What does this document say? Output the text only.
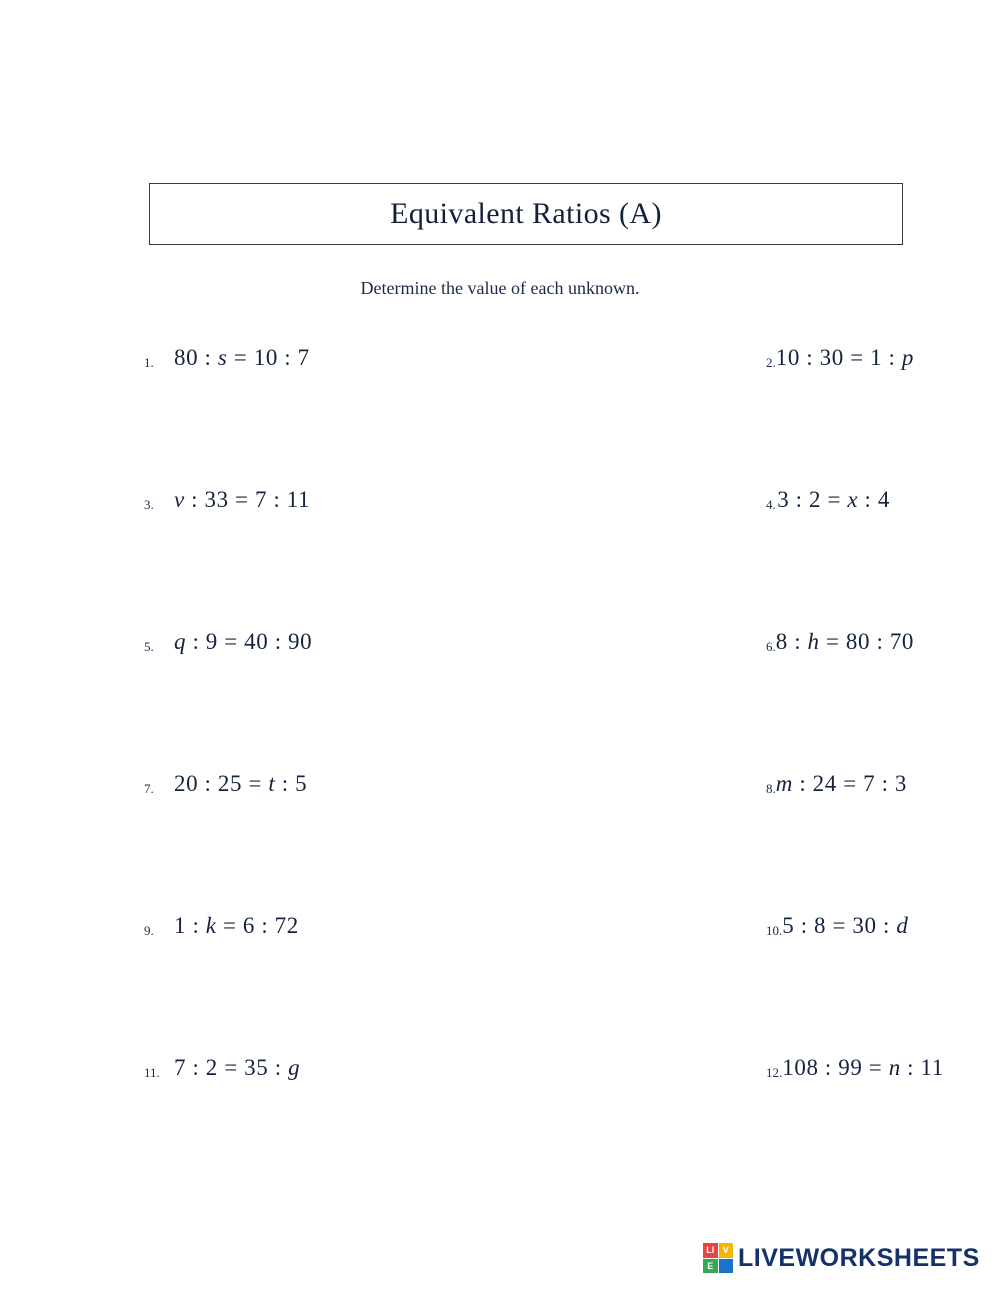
Equivalent Ratios (A)
Determine the value of each unknown.
1. 80 : s = 10 : 7	2. 10 : 30 = 1 : p
3. v : 33 = 7 : 11	4. 3 : 2 = x : 4
5. q : 9 = 40 : 90	6. 8 : h = 80 : 70
7. 20 : 25 = t : 5	8. m : 24 = 7 : 3
9. 1 : k = 6 : 72	10. 5 : 8 = 30 : d
11. 7 : 2 = 35 : g	12. 108 : 99 = n : 11
LI V
E LIVEWORKSHEETS
